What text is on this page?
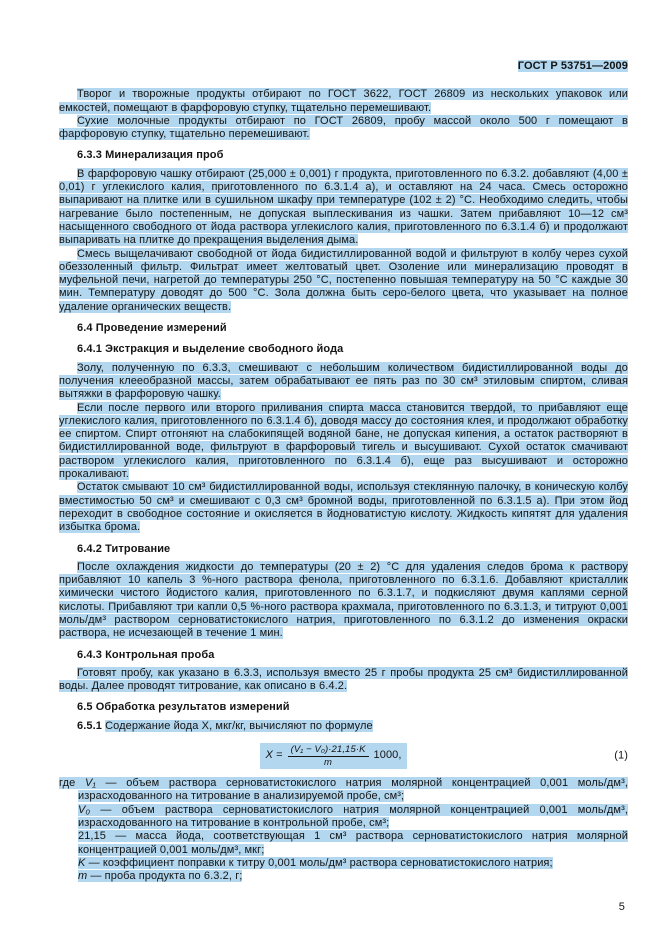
ГОСТ Р 53751—2009

Творог и творожные продукты отбирают по ГОСТ 3622, ГОСТ 26809 из нескольких упаковок или емкостей, помещают в фарфоровую ступку, тщательно перемешивают.

Сухие молочные продукты отбирают по ГОСТ 26809, пробу массой около 500 г помещают в фарфоровую ступку, тщательно перемешивают.

6.3.3 Минерализация проб

В фарфоровую чашку отбирают (25,000 ± 0,001) г продукта, приготовленного по 6.3.2. добавляют (4,00 ± 0,01) г углекислого калия, приготовленного по 6.3.1.4 а), и оставляют на 24 часа. Смесь осторожно выпаривают на плитке или в сушильном шкафу при температуре (102 ± 2) °С. Необходимо следить, чтобы нагревание было постепенным, не допуская выплескивания из чашки. Затем прибавляют 10—12 см³ насыщенного свободного от йода раствора углекислого калия, приготовленного по 6.3.1.4 б) и продолжают выпаривать на плитке до прекращения выделения дыма.

Смесь выщелачивают свободной от йода бидистиллированной водой и фильтруют в колбу через сухой обеззоленный фильтр. Фильтрат имеет желтоватый цвет. Озоление или минерализацию проводят в муфельной печи, нагретой до температуры 250 °С, постепенно повышая температуру на 50 °С каждые 30 мин. Температуру доводят до 500 °С. Зола должна быть серо-белого цвета, что указывает на полное удаление органических веществ.

6.4 Проведение измерений

6.4.1 Экстракция и выделение свободного йода

Золу, полученную по 6.3.3, смешивают с небольшим количеством бидистиллированной воды до получения клееобразной массы, затем обрабатывают ее пять раз по 30 см³ этиловым спиртом, сливая вытяжки в фарфоровую чашку.

Если после первого или второго приливания спирта масса становится твердой, то прибавляют еще углекислого калия, приготовленного по 6.3.1.4 б), доводя массу до состояния клея, и продолжают обработку ее спиртом. Спирт отгоняют на слабокипящей водяной бане, не допуская кипения, а остаток растворяют в бидистиллированной воде, фильтруют в фарфоровый тигель и высушивают. Сухой остаток смачивают раствором углекислого калия, приготовленного по 6.3.1.4 б), еще раз высушивают и осторожно прокаливают.

Остаток смывают 10 см³ бидистиллированной воды, используя стеклянную палочку, в коническую колбу вместимостью 50 см³ и смешивают с 0,3 см³ бромной воды, приготовленной по 6.3.1.5 а). При этом йод переходит в свободное состояние и окисляется в йодноватистую кислоту. Жидкость кипятят для удаления избытка брома.

6.4.2 Титрование

После охлаждения жидкости до температуры (20 ± 2) °С для удаления следов брома к раствору прибавляют 10 капель 3 %-ного раствора фенола, приготовленного по 6.3.1.6. Добавляют кристаллик химически чистого йодистого калия, приготовленного по 6.3.1.7, и подкисляют двумя каплями серной кислоты. Прибавляют три капли 0,5 %-ного раствора крахмала, приготовленного по 6.3.1.3, и титруют 0,001 моль/дм³ раствором серноватистокислого натрия, приготовленного по 6.3.1.2 до изменения окраски раствора, не исчезающей в течение 1 мин.

6.4.3 Контрольная проба

Готовят пробу, как указано в 6.3.3, используя вместо 25 г пробы продукта 25 см³ бидистиллированной воды. Далее проводят титрование, как описано в 6.4.2.

6.5 Обработка результатов измерений

6.5.1 Содержание йода X, мкг/кг, вычисляют по формуле

$X = \frac{\text{(V₁ − V₀)·21,15·K}}{m} 1000$,	(1)

где V₁ — объем раствора серноватистокислого натрия молярной концентрацией 0,001 моль/дм³, израсходованного на титрование в анализируемой пробе, см³;

V₀ — объем раствора серноватистокислого натрия молярной концентрацией 0,001 моль/дм³, израсходованного на титрование в контрольной пробе, см³;

21,15 — масса йода, соответствующая 1 см³ раствора серноватистокислого натрия молярной концентрацией 0,001 моль/дм³, мкг;

K — коэффициент поправки к титру 0,001 моль/дм³ раствора серноватистокислого натрия;

m — проба продукта по 6.3.2, г;

5
